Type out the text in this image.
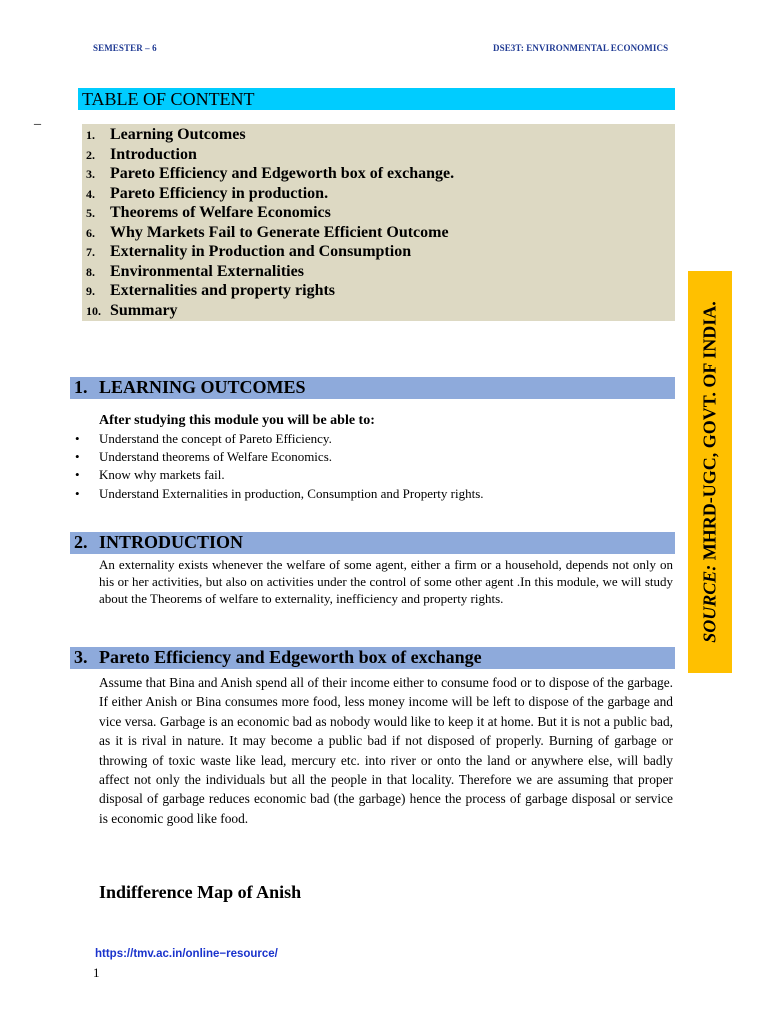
SEMESTER – 6	DSE3T: ENVIRONMENTAL ECONOMICS
TABLE OF CONTENT
_
1. Learning Outcomes
2. Introduction
3. Pareto Efficiency and Edgeworth box of exchange.
4. Pareto Efficiency in production.
5. Theorems of Welfare Economics
6. Why Markets Fail to Generate Efficient Outcome
7. Externality in Production and Consumption
8. Environmental Externalities
9. Externalities and property rights
10. Summary
1. LEARNING OUTCOMES
After studying this module you will be able to:
• Understand the concept of Pareto Efficiency.
• Understand theorems of Welfare Economics.
• Know why markets fail.
• Understand Externalities in production, Consumption and Property rights.
2. INTRODUCTION
An externality exists whenever the welfare of some agent, either a firm or a household, depends not only on his or her activities, but also on activities under the control of some other agent .In this module, we will study about the Theorems of welfare to externality, inefficiency and property rights.
3. Pareto Efficiency and Edgeworth box of exchange
Assume that Bina and Anish spend all of their income either to consume food or to dispose of the garbage. If either Anish or Bina consumes more food, less money income will be left to dispose of the garbage and vice versa. Garbage is an economic bad as nobody would like to keep it at home. But it is not a public bad, as it is rival in nature. It may become a public bad if not disposed of properly. Burning of garbage or throwing of toxic waste like lead, mercury etc. into river or onto the land or anywhere else, will badly affect not only the individuals but all the people in that locality. Therefore we are assuming that proper disposal of garbage reduces economic bad (the garbage) hence the process of garbage disposal or service is economic good like food.
Indifference Map of Anish
https://tmv.ac.in/online−resource/
1
SOURCE: MHRD-UGC, GOVT. OF INDIA.
